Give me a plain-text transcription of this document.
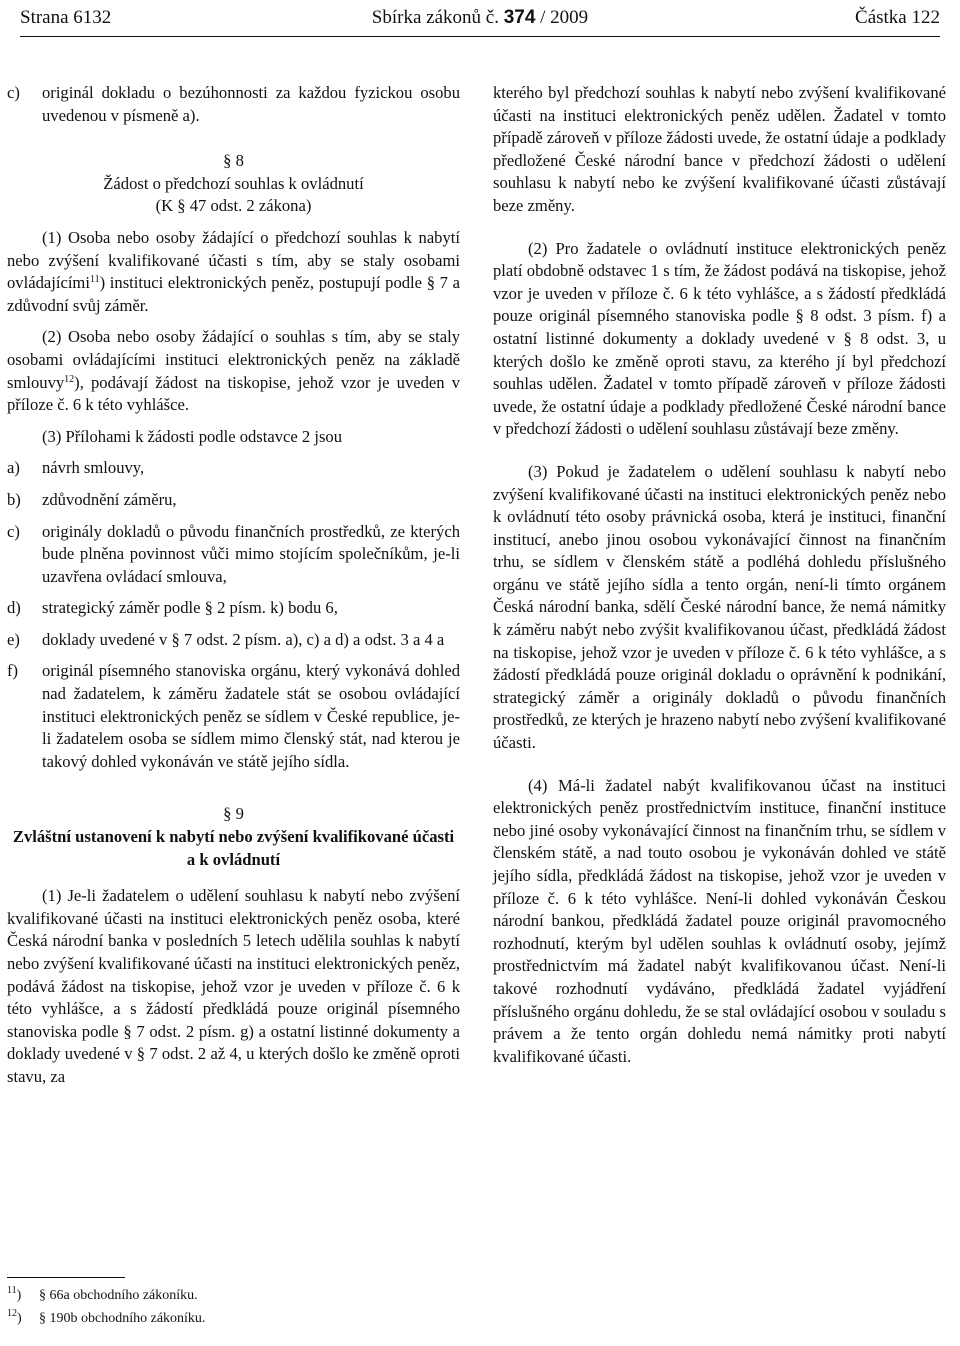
Strana 6132	Sbírka zákonů č. 374 / 2009	Částka 122
c) originál dokladu o bezúhonnosti za každou fyzickou osobu uvedenou v písmeně a).

§ 8

Žádost o předchozí souhlas k ovládnutí

(K § 47 odst. 2 zákona)

(1) Osoba nebo osoby žádající o předchozí souhlas k nabytí nebo zvýšení kvalifikované účasti s tím, aby se staly osobami ovládajícími$^{11}$) instituci elektronických peněz, postupují podle § 7 a zdůvodní svůj záměr.

(2) Osoba nebo osoby žádající o souhlas s tím, aby se staly osobami ovládajícími instituci elektronických peněz na základě smlouvy$^{12}$), podávají žádost na tiskopise, jehož vzor je uveden v příloze č. 6 k této vyhlášce.

(3) Přílohami k žádosti podle odstavce 2 jsou

a) návrh smlouvy,
b) zdůvodnění záměru,
c) originály dokladů o původu finančních prostředků, ze kterých bude plněna povinnost vůči mimo stojícím společníkům, je-li uzavřena ovládací smlouva,
d) strategický záměr podle § 2 písm. k) bodu 6,
e) doklady uvedené v § 7 odst. 2 písm. a), c) a d) a odst. 3 a 4 a
f) originál písemného stanoviska orgánu, který vykonává dohled nad žadatelem, k záměru žadatele stát se osobou ovládající instituci elektronických peněz se sídlem v České republice, je-li žadatelem osoba se sídlem mimo členský stát, nad kterou je takový dohled vykonáván ve státě jejího sídla.

§ 9

Zvláštní ustanovení k nabytí nebo zvýšení kvalifikované účasti a k ovládnutí

(1) Je-li žadatelem o udělení souhlasu k nabytí nebo zvýšení kvalifikované účasti na instituci elektronických peněz osoba, které Česká národní banka v posledních 5 letech udělila souhlas k nabytí nebo zvýšení kvalifikované účasti na instituci elektronických peněz, podává žádost na tiskopise, jehož vzor je uveden v příloze č. 6 k této vyhlášce, a s žádostí předkládá pouze originál písemného stanoviska podle § 7 odst. 2 písm. g) a ostatní listinné dokumenty a doklady uvedené v § 7 odst. 2 až 4, u kterých došlo ke změně oproti stavu, za

kterého byl předchozí souhlas k nabytí nebo zvýšení kvalifikované účasti na instituci elektronických peněz udělen. Žadatel v tomto případě zároveň v příloze žádosti uvede, že ostatní údaje a podklady předložené České národní bance v předchozí žádosti o udělení souhlasu k nabytí nebo ke zvýšení kvalifikované účasti zůstávají beze změny.

(2) Pro žadatele o ovládnutí instituce elektronických peněz platí obdobně odstavec 1 s tím, že žádost podává na tiskopise, jehož vzor je uveden v příloze č. 6 k této vyhlášce, a s žádostí předkládá pouze originál písemného stanoviska podle § 8 odst. 3 písm. f) a ostatní listinné dokumenty a doklady uvedené v § 8 odst. 3, u kterých došlo ke změně oproti stavu, za kterého jí byl předchozí souhlas udělen. Žadatel v tomto případě zároveň v příloze žádosti uvede, že ostatní údaje a podklady předložené České národní bance v předchozí žádosti o udělení souhlasu zůstávají beze změny.

(3) Pokud je žadatelem o udělení souhlasu k nabytí nebo zvýšení kvalifikované účasti na instituci elektronických peněz nebo k ovládnutí této osoby právnická osoba, která je instituci, finanční institucí, anebo jinou osobou vykonávající činnost na finančním trhu, se sídlem v členském státě a podléhá dohledu příslušného orgánu ve státě jejího sídla a tento orgán, není-li tímto orgánem Česká národní banka, sdělí České národní bance, že nemá námitky k záměru nabýt nebo zvýšit kvalifikovanou účast, předkládá žádost na tiskopise, jehož vzor je uveden v příloze č. 6 k této vyhlášce, a s žádostí předkládá pouze originál dokladu o oprávnění k podnikání, strategický záměr a originály dokladů o původu finančních prostředků, ze kterých je hrazeno nabytí nebo zvýšení kvalifikované účasti.

(4) Má-li žadatel nabýt kvalifikovanou účast na instituci elektronických peněz prostřednictvím instituce, finanční instituce nebo jiné osoby vykonávající činnost na finančním trhu, se sídlem v členském státě, a nad touto osobou je vykonáván dohled ve státě jejího sídla, předkládá žádost na tiskopise, jehož vzor je uveden v příloze č. 6 k této vyhlášce. Není-li dohled vykonáván Českou národní bankou, předkládá žadatel pouze originál pravomocného rozhodnutí, kterým byl udělen souhlas k ovládnutí osoby, jejímž prostřednictvím má žadatel nabýt kvalifikovanou účast. Není-li takové rozhodnutí vydáváno, předkládá žadatel vyjádření příslušného orgánu dohledu, že se stal ovládající osobou v souladu s právem a že tento orgán dohledu nemá námitky proti nabytí kvalifikované účasti.

$^{11}$) § 66a obchodního zákoníku.
$^{12}$) § 190b obchodního zákoníku.
